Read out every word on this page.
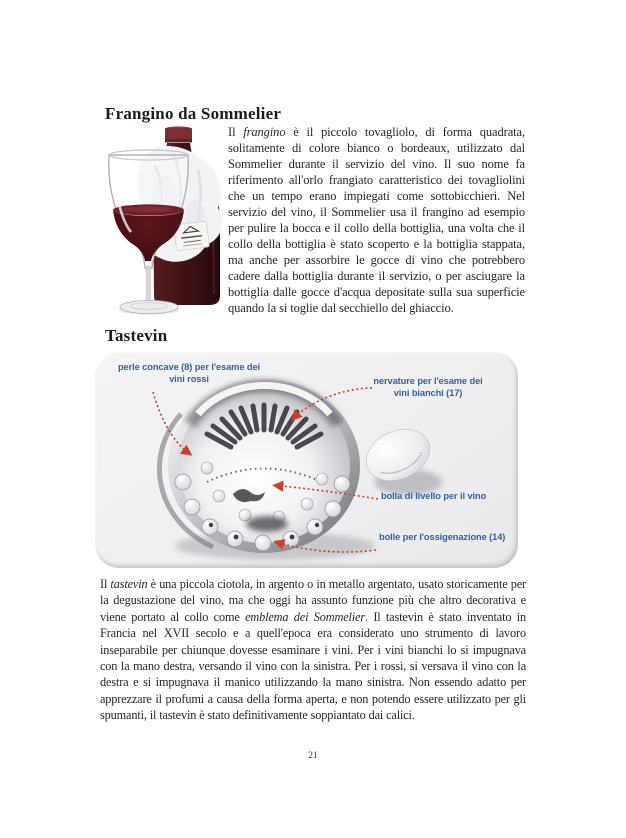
Frangino da Sommelier

Il frangino è il piccolo tovagliolo, di forma quadrata, solitamente di colore bianco o bordeaux, utilizzato dal Sommelier durante il servizio del vino. Il suo nome fa riferimento all'orlo frangiato caratteristico dei tovagliolini che un tempo erano impiegati come sottobicchieri. Nel servizio del vino, il Sommelier usa il frangino ad esempio per pulire la bocca e il collo della bottiglia, una volta che il collo della bottiglia è stato scoperto e la bottiglia stappata, ma anche per assorbire le gocce di vino che potrebbero cadere dalla bottiglia durante il servizio, o per asciugare la bottiglia dalle gocce d'acqua depositate sulla sua superficie quando la si toglie dal secchiello del ghiaccio.

Tastevin
perle concave (8) per l'esame dei
vini rossi	nervature per l'esame dei
vini bianchi (17)
bolla di livello per il vino
bolle per l'ossigenazione (14)

Il tastevin è una piccola ciotola, in argento o in metallo argentato, usato storicamente per la degustazione del vino, ma che oggi ha assunto funzione più che altro decorativa e viene portato al collo come emblema dei Sommelier. Il tastevin è stato inventato in Francia nel XVII secolo e a quell'epoca era considerato uno strumento di lavoro inseparabile per chiunque dovesse esaminare i vini. Per i vini bianchi lo si impugnava con la mano destra, versando il vino con la sinistra. Per i rossi, si versava il vino con la destra e si impugnava il manico utilizzando la mano sinistra. Non essendo adatto per apprezzare il profumi a causa della forma aperta, e non potendo essere utilizzato per gli spumanti, il tastevin è stato definitivamente soppiantato dai calici.

21
